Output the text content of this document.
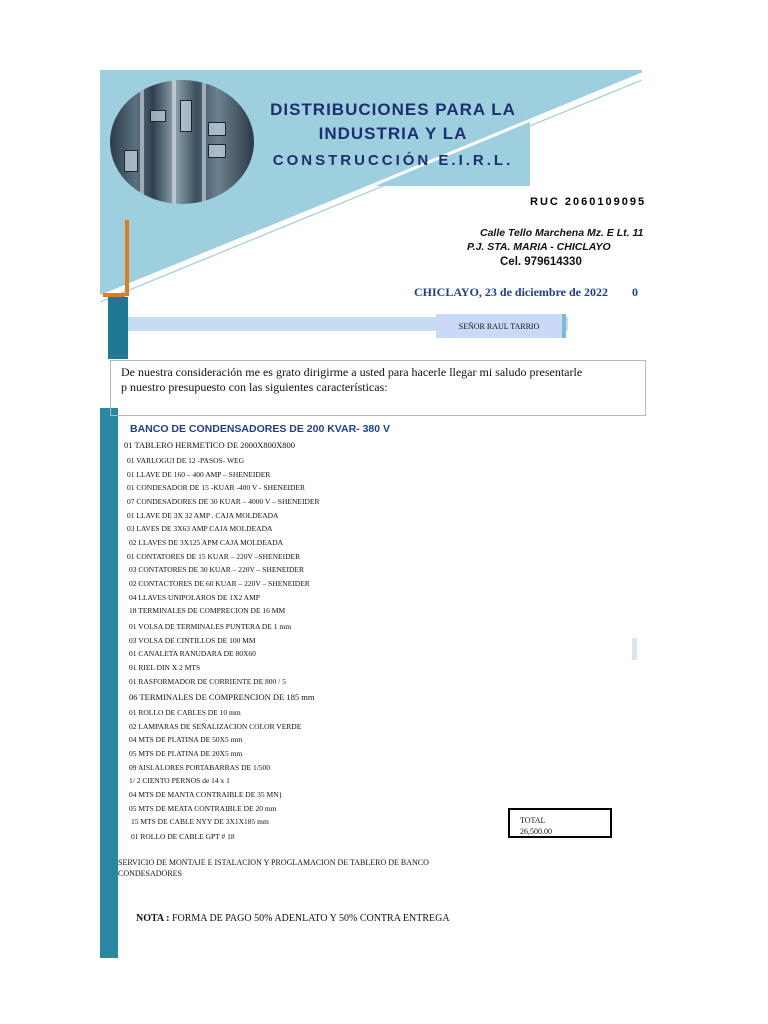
DISTRIBUCIONES PARA LA
INDUSTRIA Y LA
CONSTRUCCIÓN E.I.R.L.
RUC 2060109095
Calle Tello Marchena Mz. E Lt. 11
P.J. STA. MARIA - CHICLAYO
Cel. 979614330
CHICLAYO, 23 de diciembre de 2022 0
SEÑOR RAUL TARRIO
De nuestra consideración me es grato dirigirme a usted para hacerle llegar mi saludo presentarle
p nuestro presupuesto con las siguientes características:
BANCO DE CONDENSADORES DE 200 KVAR- 380 V
01 TABLERO HERMETICO DE 2000X800X800
01 VARLOGUI DE 12 -PASOS- WEG
01 LLAVE DE 160 – 400 AMP – SHENEIDER
01 CONDESADOR DE 15 -KUAR -400 V - SHENEIDER
07 CONDESADORES DE 30 KUAR – 4000 V – SHENEIDER
01 LLAVE DE 3X 32 AMP . CAJA MOLDEADA
03 LAVES DE 3X63 AMP CAJA MOLDEADA
02 LLAVES DE 3X125 APM CAJA MOLDEADA
01 CONTATORES DE 15 KUAR – 220V –SHENEIDER
03 CONTATORES DE 30 KUAR – 220V – SHENEIDER
02 CONTACTORES DE 60 KUAR – 220V – SHENEIDER
04 LLAVES UNIPOLAROS DE 1X2 AMP
18 TERMINALES DE COMPRECION DE 16 MM
01 VOLSA DE TERMINALES PUNTERA DE 1 mm
03 VOLSA DE CINTILLOS DE 100 MM
01 CANALETA RANUDARA DE 80X60
01 RIEL DIN X 2 MTS
01 RASFORMADOR DE CORRIENTE DE 800 / 5
06 TERMINALES DE COMPRENCION DE 185 mm
01 ROLLO DE CABLES DE 10 mm
02 LAMPARAS DE SEÑALIZACION COLOR VERDE
04 MTS DE PLATINA DE 50X5 mm
05 MTS DE PLATINA DE 20X5 mm
09 AISLALORES PORTABARRAS DE 1/500
1/ 2 CIENTO PERNOS de 14 x 1
04 MTS DE MANTA CONTRAIBLE DE 35 MN}
05 MTS DE MEATA CONTRAIBLE DE 20 mm
15 MTS DE CABLE NYY DE 3X1X185 mm
01 ROLLO DE CABLE GPT # 18
TOTAL
26,500.00
SERVICIO DE MONTAJE E ISTALACION Y PROGLAMACION DE TABLERO DE BANCO
CONDESADORES
NOTA : FORMA DE PAGO 50% ADENLATO Y 50% CONTRA ENTREGA
